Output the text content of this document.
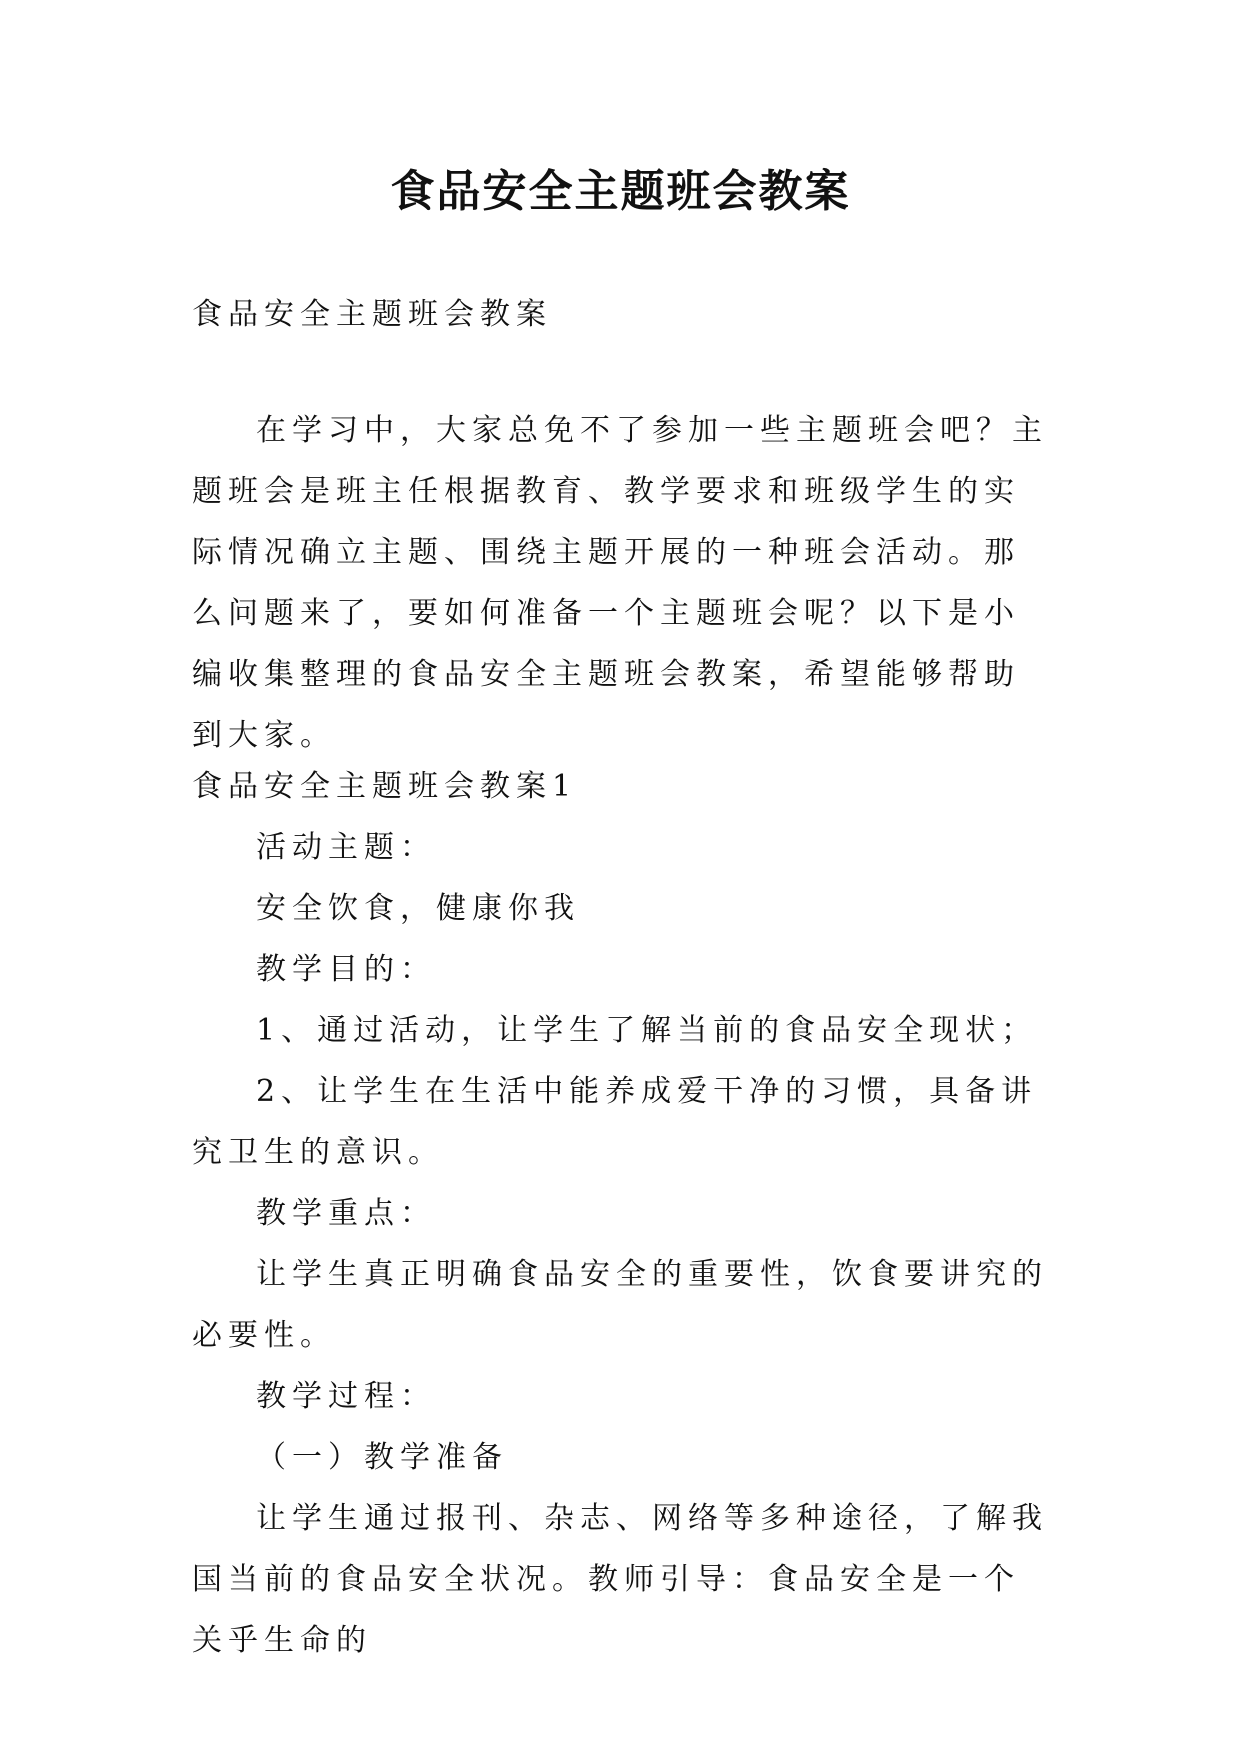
食品安全主题班会教案

食品安全主题班会教案

在学习中，大家总免不了参加一些主题班会吧？主题班会是班主任根据教育、教学要求和班级学生的实际情况确立主题、围绕主题开展的一种班会活动。那么问题来了，要如何准备一个主题班会呢？以下是小编收集整理的食品安全主题班会教案，希望能够帮助到大家。

食品安全主题班会教案1

活动主题：

安全饮食，健康你我

教学目的：

1、通过活动，让学生了解当前的食品安全现状；

2、让学生在生活中能养成爱干净的习惯，具备讲究卫生的意识。

教学重点：

让学生真正明确食品安全的重要性，饮食要讲究的必要性。

教学过程：

（一）教学准备

让学生通过报刊、杂志、网络等多种途径，了解我国当前的食品安全状况。教师引导：食品安全是一个关乎生命的
